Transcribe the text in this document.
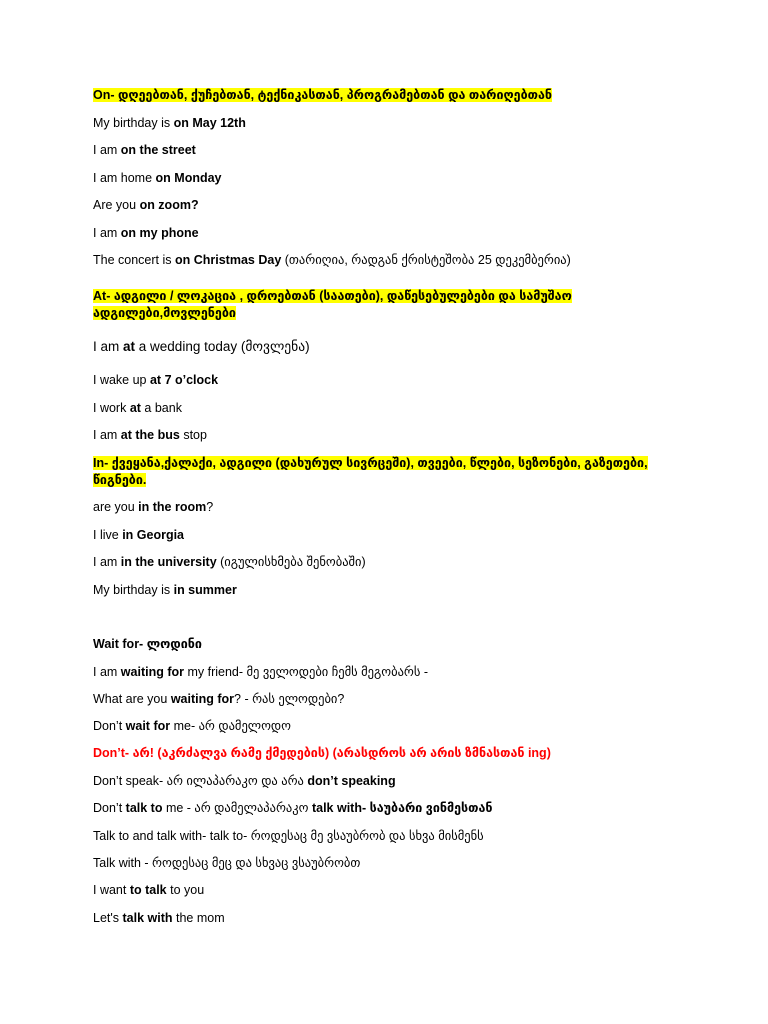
On- დღეებთან, ქუჩებთან, ტექნიკასთან, პროგრამებთან და თარიღებთან
My birthday is on May 12th
I am on the street
I am home on Monday
Are you on zoom?
I am on my phone
The concert is on Christmas Day (თარიღია, რადგან ქრისტეშობა 25 დეკემბერია)
At- ადგილი / ლოკაცია , დროებთან (საათები), დაწესებულებები და სამუშაო ადგილები,მოვლენები
I am at a wedding today (მოვლენა)
I wake up at 7 o’clock
I work at a bank
I am at the bus stop
In- ქვეყანა,ქალაქი, ადგილი (დახურულ სივრცეში), თვეები, წლები, სეზონები, გაზეთები, წიგნები.
are you in the room?
I live in Georgia
I am in the university (იგულისხმება შენობაში)
My birthday is in summer
Wait for- ლოდინი
I am waiting for my friend- მე ველოდები ჩემს მეგობარს -
What are you waiting for? - რას ელოდები?
Don’t wait for me- არ დამელოდო
Don’t- არ! (აკრძალვა რამე ქმედების) (არასდროს არ არის ზმნასთან ing)
Don’t speak- არ ილაპარაკო და არა don’t speaking
Don’t talk to me - არ დამელაპარაკო talk with- საუბარი ვინმესთან
Talk to and talk with- talk to- როდესაც მე ვსაუბრობ და სხვა მისმენს
Talk with - როდესაც მეც და სხვაც ვსაუბრობთ
I want to talk to you
Let's talk with the mom
